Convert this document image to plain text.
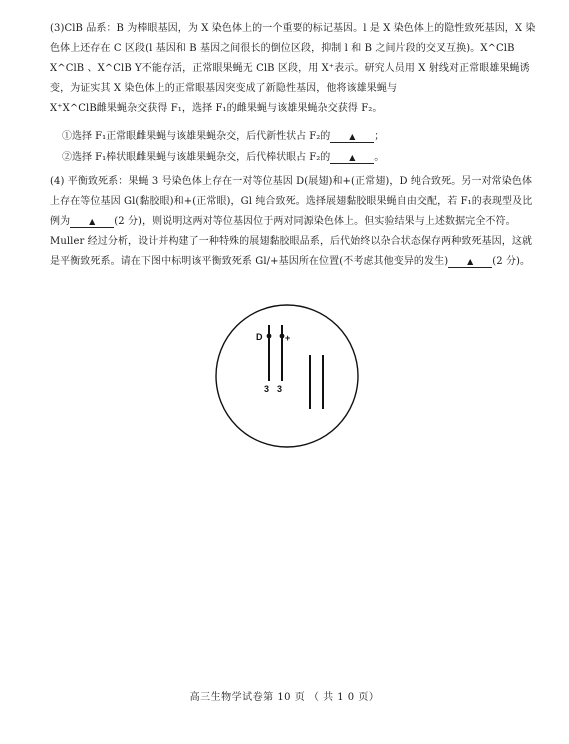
(3)ClB 品系：B 为棒眼基因，为 X 染色体上的一个重要的标记基因。l 是 X 染色体上的隐性致死基因，X 染色体上还存在 C 区段(l 基因和 B 基因之间很长的倒位区段，抑制 l 和 B 之间片段的交叉互换)。X^ClB X^ClB 、X^ClB Y不能存活，正常眼果蝇无 ClB 区段，用 X⁺表示。研究人员用 X 射线对正常眼雄果蝇诱变，为证实其 X 染色体上的正常眼基因突变成了新隐性基因，他将该雄果蝇与
X⁺X^ClB雌果蝇杂交获得 F₁，选择 F₁的雌果蝇与该雄果蝇杂交获得 F₂。
①选择 F₁正常眼雌果蝇与该雄果蝇杂交，后代新性状占 F₂的 ▲ ；
②选择 F₁棒状眼雌果蝇与该雄果蝇杂交，后代棒状眼占 F₂的 ▲ 。
(4) 平衡致死系：果蝇 3 号染色体上存在一对等位基因 D(展翅)和+(正常翅)，D 纯合致死。另一对常染色体上存在等位基因 Gl(黏胶眼)和+(正常眼)，Gl 纯合致死。选择展翅黏胶眼果蝇自由交配，若 F₁的表现型及比例为 ▲ (2 分)，则说明这两对等位基因位于两对同源染色体上。但实验结果与上述数据完全不符。Muller 经过分析，设计并构建了一种特殊的展翅黏胶眼品系，后代始终以杂合状态保存两种致死基因，这就是平衡致死系。请在下图中标明该平衡致死系 Gl/+基因所在位置(不考虑其他变异的发生) ▲ (2 分)。
D	+
3 3
高三生物学试卷第 10 页 （ 共 1 0 页）
